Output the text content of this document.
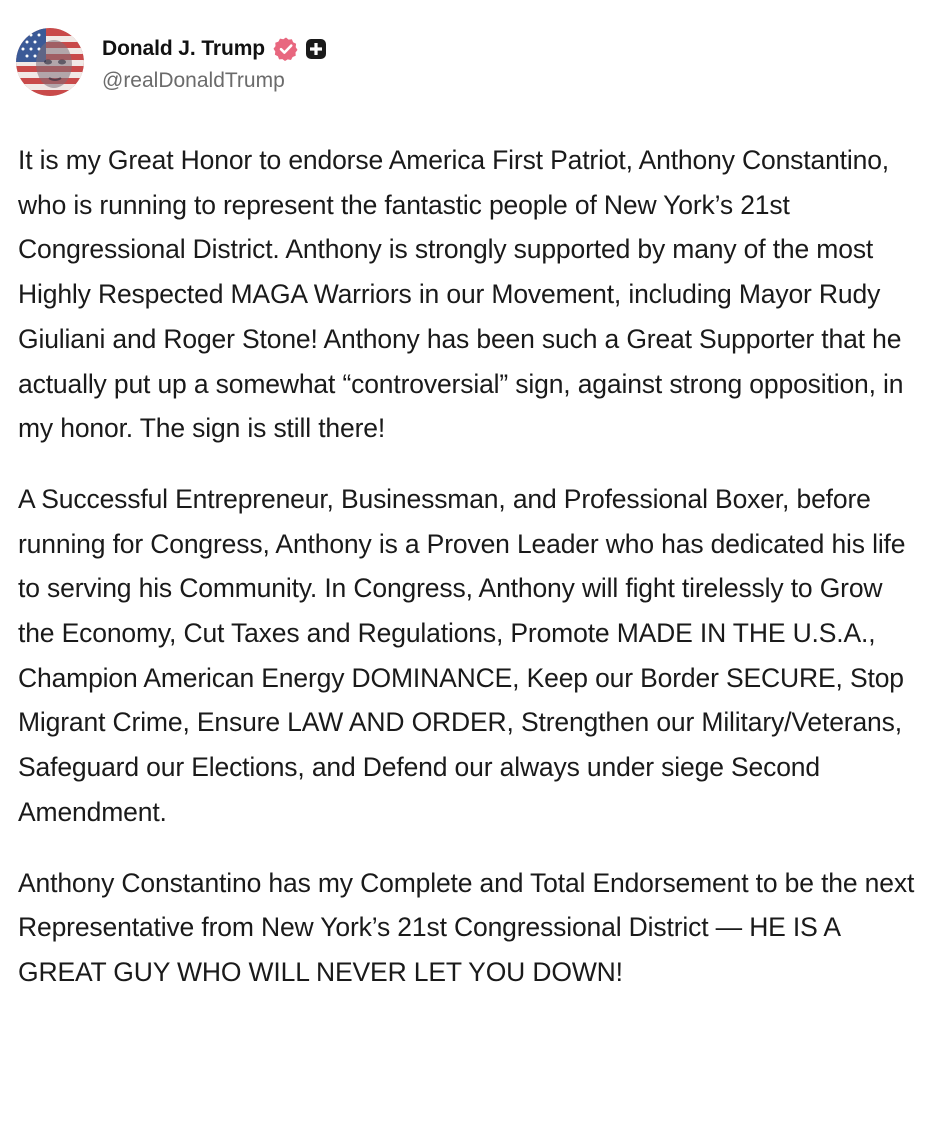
Donald J. Trump
@realDonaldTrump

It is my Great Honor to endorse America First Patriot, Anthony Constantino, who is running to represent the fantastic people of New York’s 21st Congressional District. Anthony is strongly supported by many of the most Highly Respected MAGA Warriors in our Movement, including Mayor Rudy Giuliani and Roger Stone! Anthony has been such a Great Supporter that he actually put up a somewhat “controversial” sign, against strong opposition, in my honor. The sign is still there!

A Successful Entrepreneur, Businessman, and Professional Boxer, before running for Congress, Anthony is a Proven Leader who has dedicated his life to serving his Community. In Congress, Anthony will fight tirelessly to Grow the Economy, Cut Taxes and Regulations, Promote MADE IN THE U.S.A., Champion American Energy DOMINANCE, Keep our Border SECURE, Stop Migrant Crime, Ensure LAW AND ORDER, Strengthen our Military/Veterans, Safeguard our Elections, and Defend our always under siege Second Amendment.

Anthony Constantino has my Complete and Total Endorsement to be the next Representative from New York’s 21st Congressional District — HE IS A GREAT GUY WHO WILL NEVER LET YOU DOWN!
